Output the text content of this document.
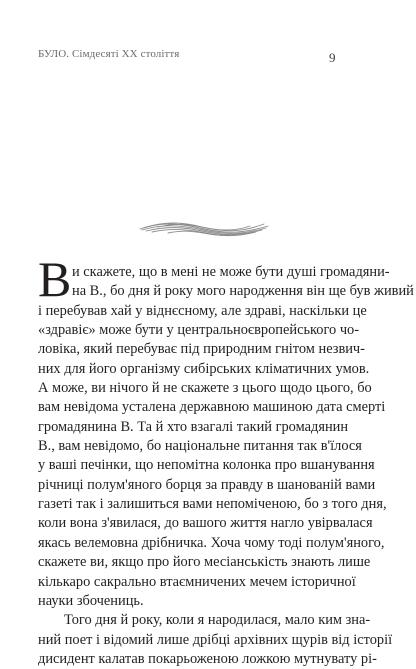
БУЛО. Сімдесяті ХХ століття	9
В и скажете, що в мені не може бути душі громадяни-
на В., бо дня й року мого народження він ще був живий
і перебував хай у віднєсному, але здраві, наскільки це
«здравіє» може бути у центральноєвропейського чо-
ловіка, який перебуває під природним гнітом незвич-
них для його організму сибірських кліматичних умов.
А може, ви нічого й не скажете з цього щодо цього, бо
вам невідома усталена державною машиною дата смерті
громадянина В. Та й хто взагалі такий громадянин
В., вам невідомо, бо національне питання так в'їлося
у ваші печінки, що непомітна колонка про вшанування
річниці полум'яного борця за правду в шанованій вами
газеті так і залишиться вами непоміченою, бо з того дня,
коли вона з'явилася, до вашого життя нагло увірвалася
якась велемовна дрібничка. Хоча чому тоді полум'яного,
скажете ви, якщо про його месіанськість знають лише
кількаро сакрально втаємничених мечем історичної
науки збочениць.
Того дня й року, коли я народилася, мало ким зна-
ний поет і відомий лише дрібці архівних щурів від історії
дисидент калатав покарьоженою ложкою мутнувату рі-
